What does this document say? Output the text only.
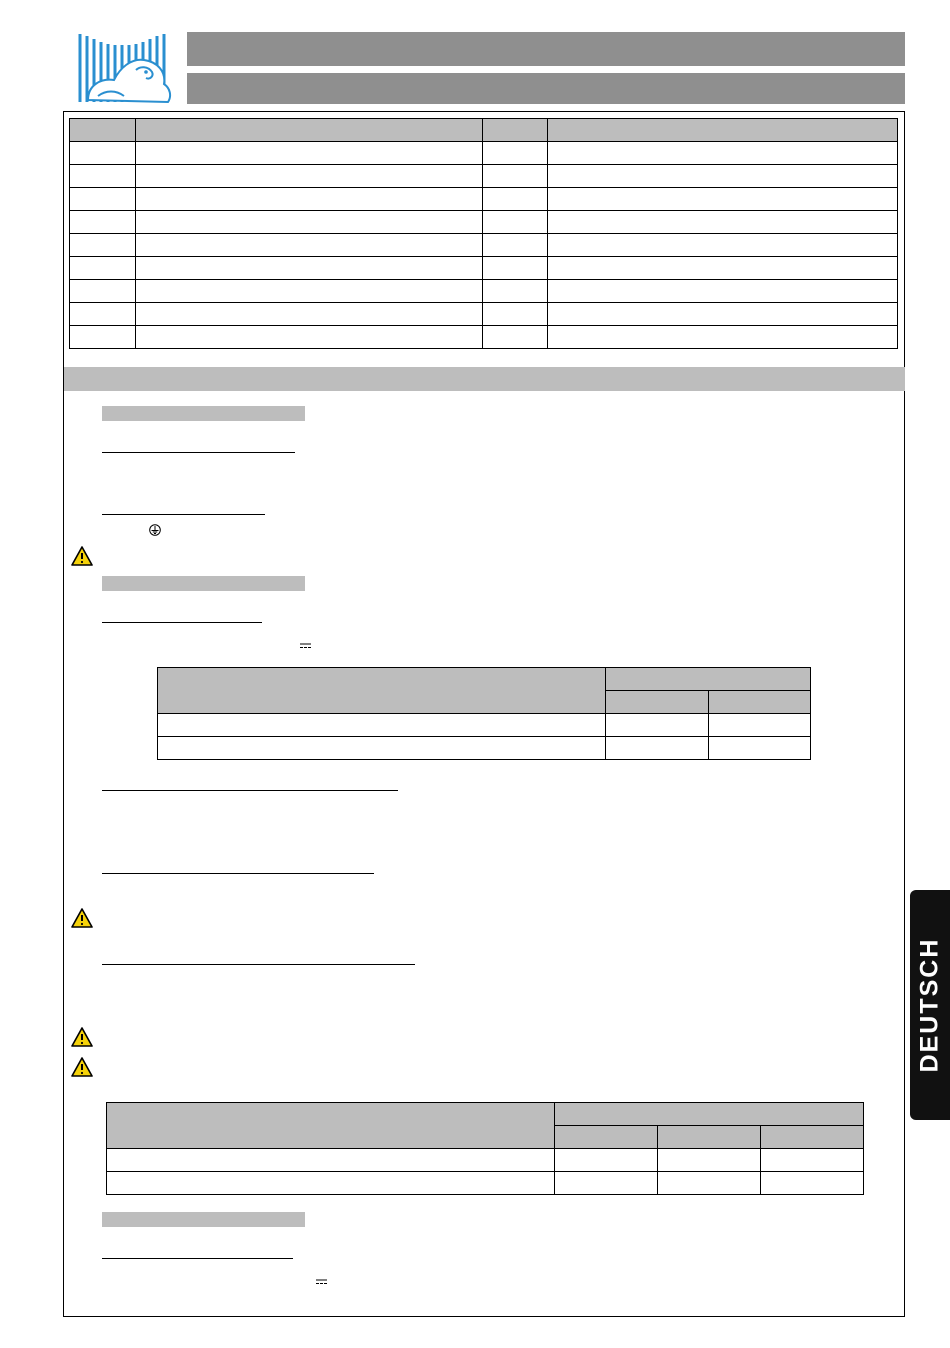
DEUTSCH
